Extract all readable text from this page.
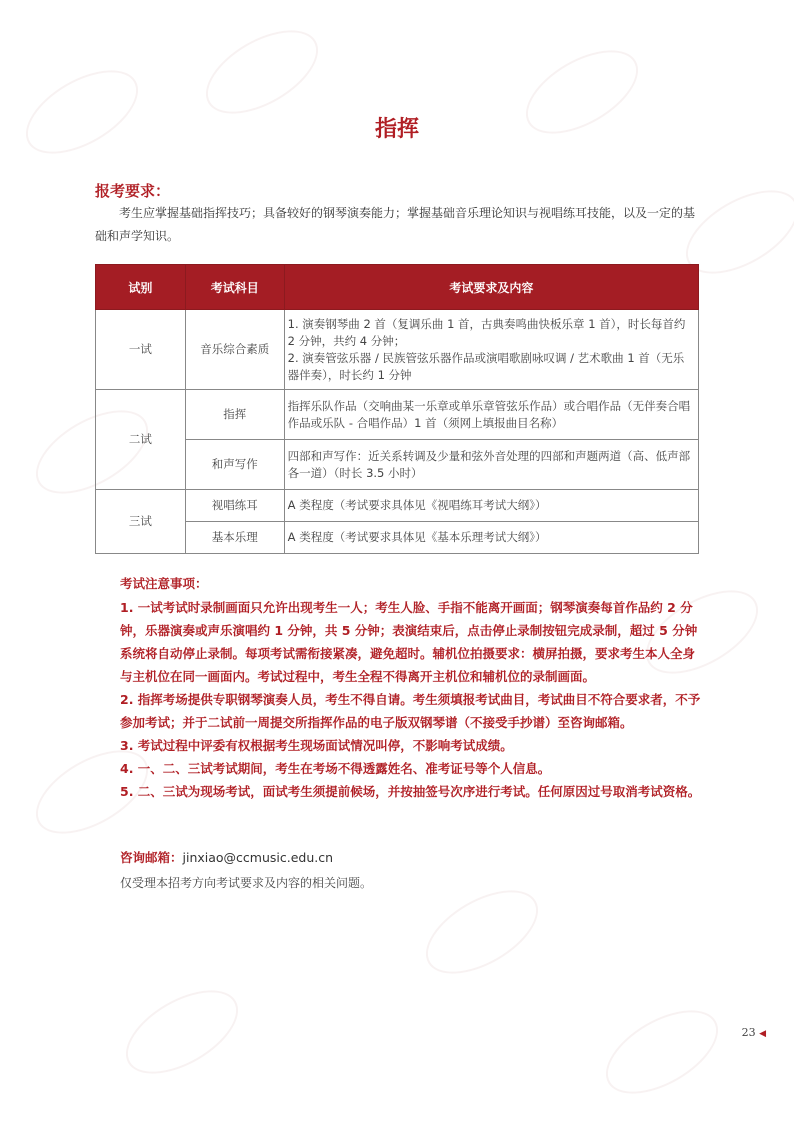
指挥
报考要求：
考生应掌握基础指挥技巧；具备较好的钢琴演奏能力；掌握基础音乐理论知识与视唱练耳技能，以及一定的基础和声学知识。
试别	考试科目	考试要求及内容
一试	音乐综合素质	1. 演奏钢琴曲 2 首（复调乐曲 1 首，古典奏鸣曲快板乐章 1 首），时长每首约 2 分钟，共约 4 分钟；
2. 演奏管弦乐器 / 民族管弦乐器作品或演唱歌剧咏叹调 / 艺术歌曲 1 首（无乐器伴奏），时长约 1 分钟

二试	指挥	指挥乐队作品（交响曲某一乐章或单乐章管弦乐作品）或合唱作品（无伴奏合唱作品或乐队 - 合唱作品）1 首（须网上填报曲目名称）
	和声写作	四部和声写作：近关系转调及少量和弦外音处理的四部和声题两道（高、低声部各一道）（时长 3.5 小时）
三试	视唱练耳	A 类程度（考试要求具体见《视唱练耳考试大纲》）
	基本乐理	A 类程度（考试要求具体见《基本乐理考试大纲》）
考试注意事项：

1. 一试考试时录制画面只允许出现考生一人；考生人脸、手指不能离开画面；钢琴演奏每首作品约 2 分钟，乐器演奏或声乐演唱约 1 分钟，共 5 分钟；表演结束后，点击停止录制按钮完成录制，超过 5 分钟系统将自动停止录制。每项考试需衔接紧凑，避免超时。辅机位拍摄要求：横屏拍摄，要求考生本人全身与主机位在同一画面内。考试过程中，考生全程不得离开主机位和辅机位的录制画面。

2. 指挥考场提供专职钢琴演奏人员，考生不得自请。考生须填报考试曲目，考试曲目不符合要求者，不予参加考试；并于二试前一周提交所指挥作品的电子版双钢琴谱（不接受手抄谱）至咨询邮箱。

3. 考试过程中评委有权根据考生现场面试情况叫停，不影响考试成绩。

4. 一、二、三试考试期间，考生在考场不得透露姓名、准考证号等个人信息。

5. 二、三试为现场考试，面试考生须提前候场，并按抽签号次序进行考试。任何原因过号取消考试资格。

咨询邮箱：jinxiao@ccmusic.edu.cn
仅受理本招考方向考试要求及内容的相关问题。
23 ◀
